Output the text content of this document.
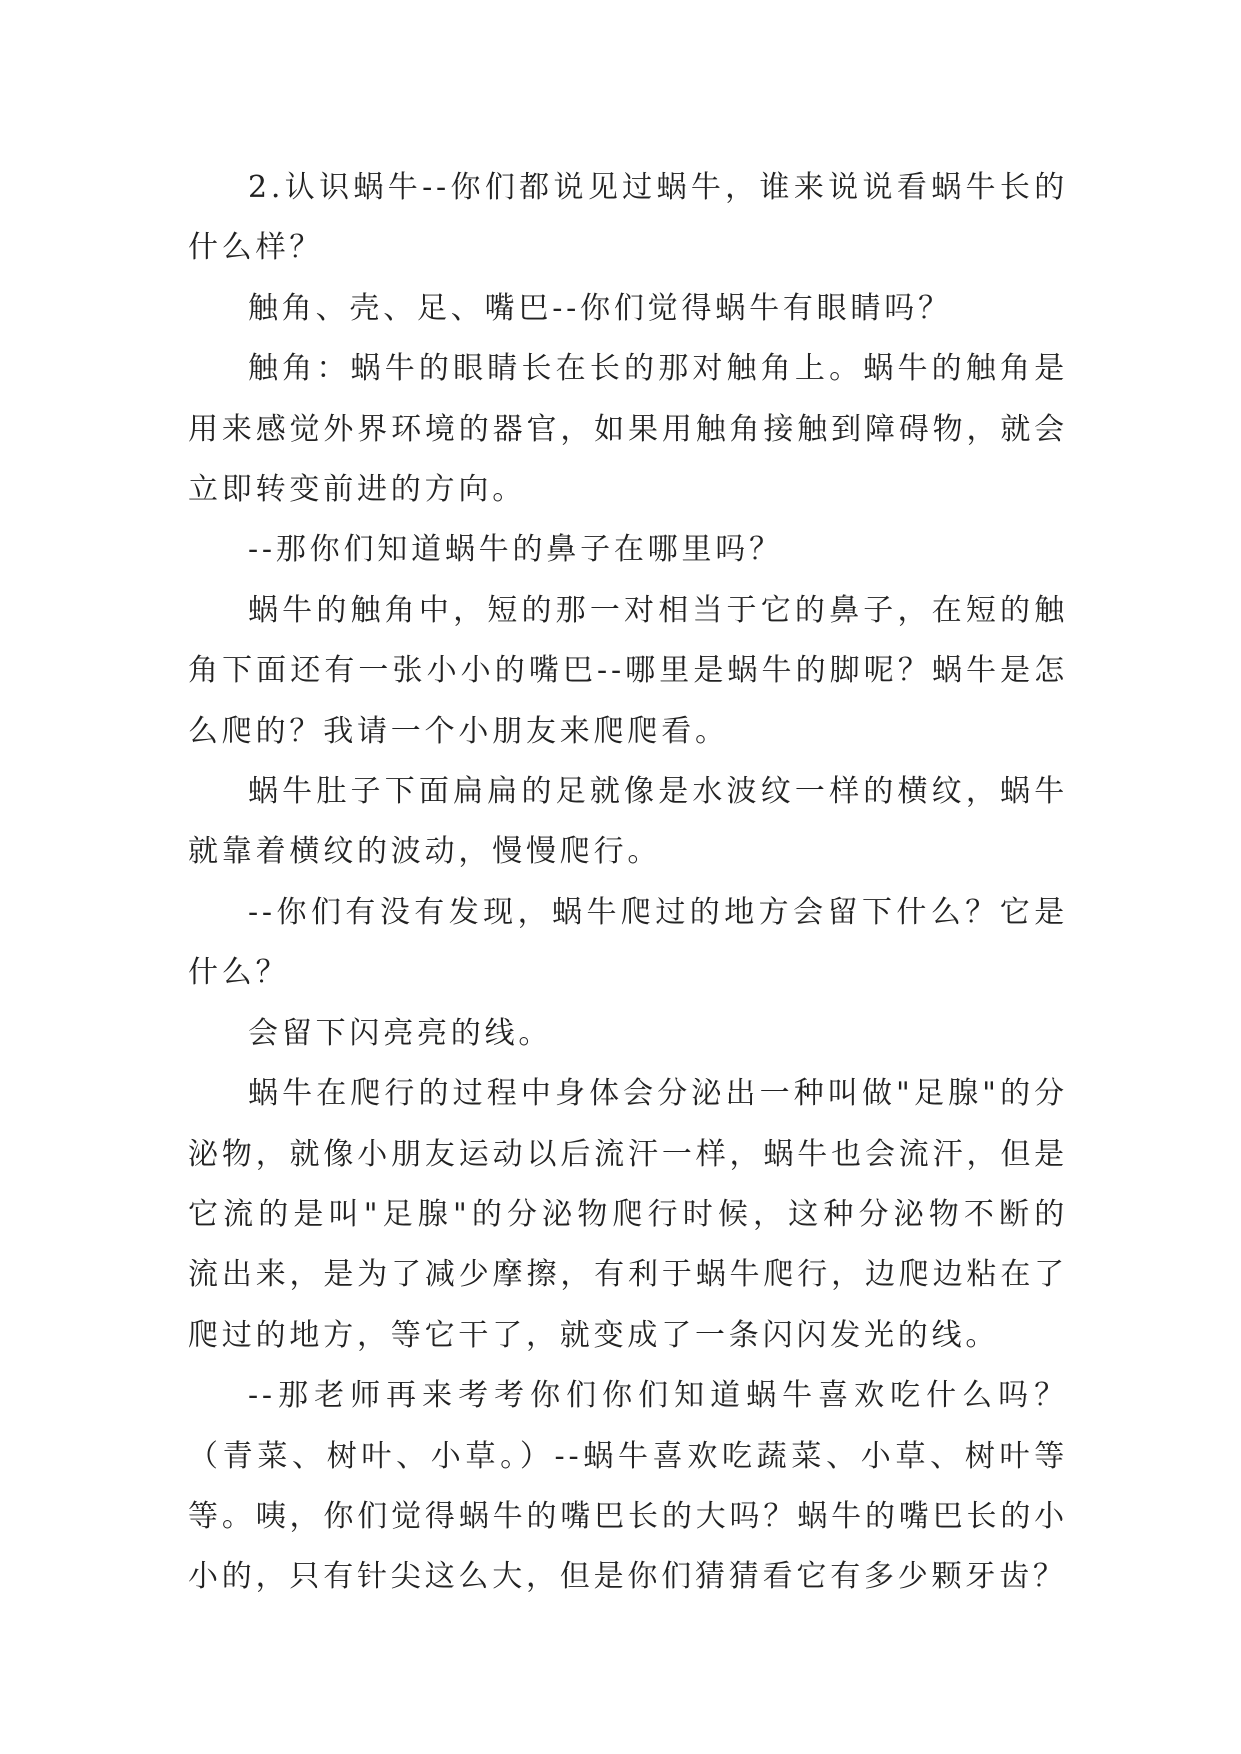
2.认识蜗牛--你们都说见过蜗牛，谁来说说看蜗牛长的什么样？

触角、壳、足、嘴巴--你们觉得蜗牛有眼睛吗？

触角：蜗牛的眼睛长在长的那对触角上。蜗牛的触角是用来感觉外界环境的器官，如果用触角接触到障碍物，就会立即转变前进的方向。

--那你们知道蜗牛的鼻子在哪里吗？

蜗牛的触角中，短的那一对相当于它的鼻子，在短的触角下面还有一张小小的嘴巴--哪里是蜗牛的脚呢？蜗牛是怎么爬的？我请一个小朋友来爬爬看。

蜗牛肚子下面扁扁的足就像是水波纹一样的横纹，蜗牛就靠着横纹的波动，慢慢爬行。

--你们有没有发现，蜗牛爬过的地方会留下什么？它是什么？

会留下闪亮亮的线。

蜗牛在爬行的过程中身体会分泌出一种叫做"足腺"的分泌物，就像小朋友运动以后流汗一样，蜗牛也会流汗，但是它流的是叫"足腺"的分泌物爬行时候，这种分泌物不断的流出来，是为了减少摩擦，有利于蜗牛爬行，边爬边粘在了爬过的地方，等它干了，就变成了一条闪闪发光的线。

--那老师再来考考你们你们知道蜗牛喜欢吃什么吗？（青菜、树叶、小草。）--蜗牛喜欢吃蔬菜、小草、树叶等等。咦，你们觉得蜗牛的嘴巴长的大吗？蜗牛的嘴巴长的小小的，只有针尖这么大，但是你们猜猜看它有多少颗牙齿？
